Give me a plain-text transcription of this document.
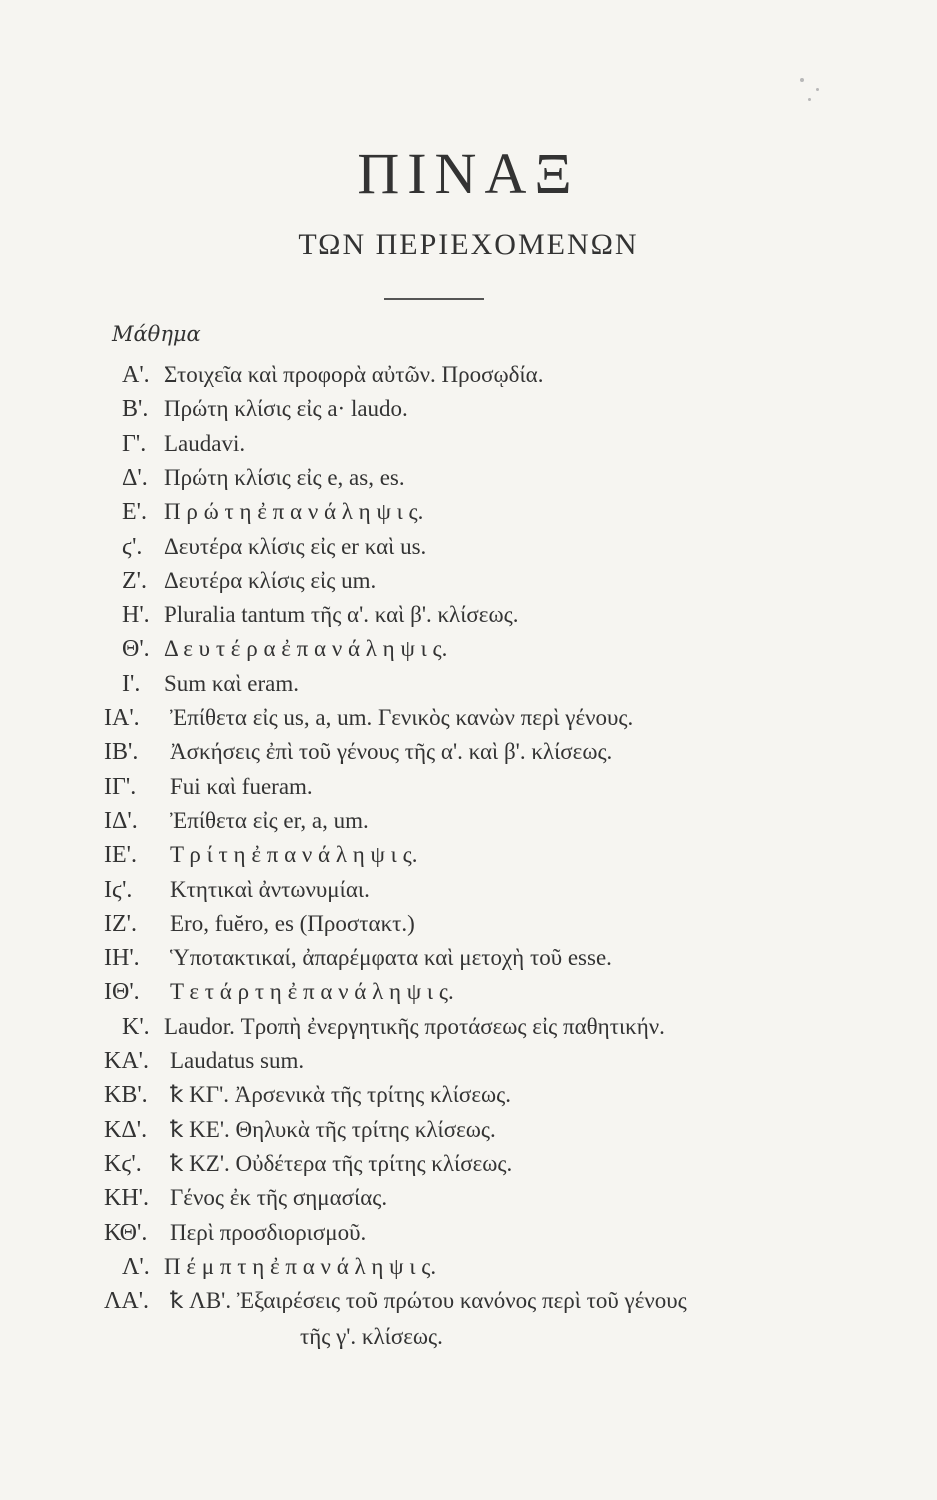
ΠΙΝΑΞ
ΤΩΝ ΠΕΡΙΕΧΟΜΕΝΩΝ
Μάθημα
Α'. Στοιχεῖα καὶ προφορὰ αὐτῶν. Προσῳδία.
Β'. Πρώτη κλίσις εἰς a· laudo.
Γ'. Laudavi.
Δ'. Πρώτη κλίσις εἰς e, as, es.
Ε'. Π ρ ώ τ η ἐ π α ν ά λ η ψ ι ς.
ϛ'. Δευτέρα κλίσις εἰς er καὶ us.
Ζ'. Δευτέρα κλίσις εἰς um.
Η'. Pluralia tantum τῆς α'. καὶ β'. κλίσεως.
Θ'. Δ ε υ τ έ ρ α ἐ π α ν ά λ η ψ ι ς.
Ι'. Sum καὶ eram.
ΙΑ'. Ἐπίθετα εἰς us, a, um. Γενικὸς κανὼν περὶ γένους.
ΙΒ'. Ἀσκήσεις ἐπὶ τοῦ γένους τῆς α'. καὶ β'. κλίσεως.
ΙΓ'. Fui καὶ fueram.
ΙΔ'. Ἐπίθετα εἰς er, a, um.
ΙΕ'. Τ ρ ί τ η ἐ π α ν ά λ η ψ ι ς.
Ιϛ'. Κτητικαὶ ἀντωνυμίαι.
ΙΖ'. Ero, fuĕro, es (Προστακτ.)
ΙΗ'. Ὑποτακτικαί, ἀπαρέμφατα καὶ μετοχὴ τοῦ esse.
ΙΘ'. Τ ε τ ά ρ τ η ἐ π α ν ά λ η ψ ι ς.
Κ'. Laudor. Τροπὴ ἐνεργητικῆς προτάσεως εἰς παθητικήν.
ΚΑ'. Laudatus sum.
ΚΒ'. ꝁ ΚΓ'. Ἀρσενικὰ τῆς τρίτης κλίσεως.
ΚΔ'. ꝁ ΚΕ'. Θηλυκὰ τῆς τρίτης κλίσεως.
Κϛ'. ꝁ ΚΖ'. Οὐδέτερα τῆς τρίτης κλίσεως.
ΚΗ'. Γένος ἐκ τῆς σημασίας.
ΚΘ'. Περὶ προσδιορισμοῦ.
Λ'. Π έ μ π τ η ἐ π α ν ά λ η ψ ι ς.
ΛΑ'. ꝁ ΛΒ'. Ἐξαιρέσεις τοῦ πρώτου κανόνος περὶ τοῦ γένους
τῆς γ'. κλίσεως.
